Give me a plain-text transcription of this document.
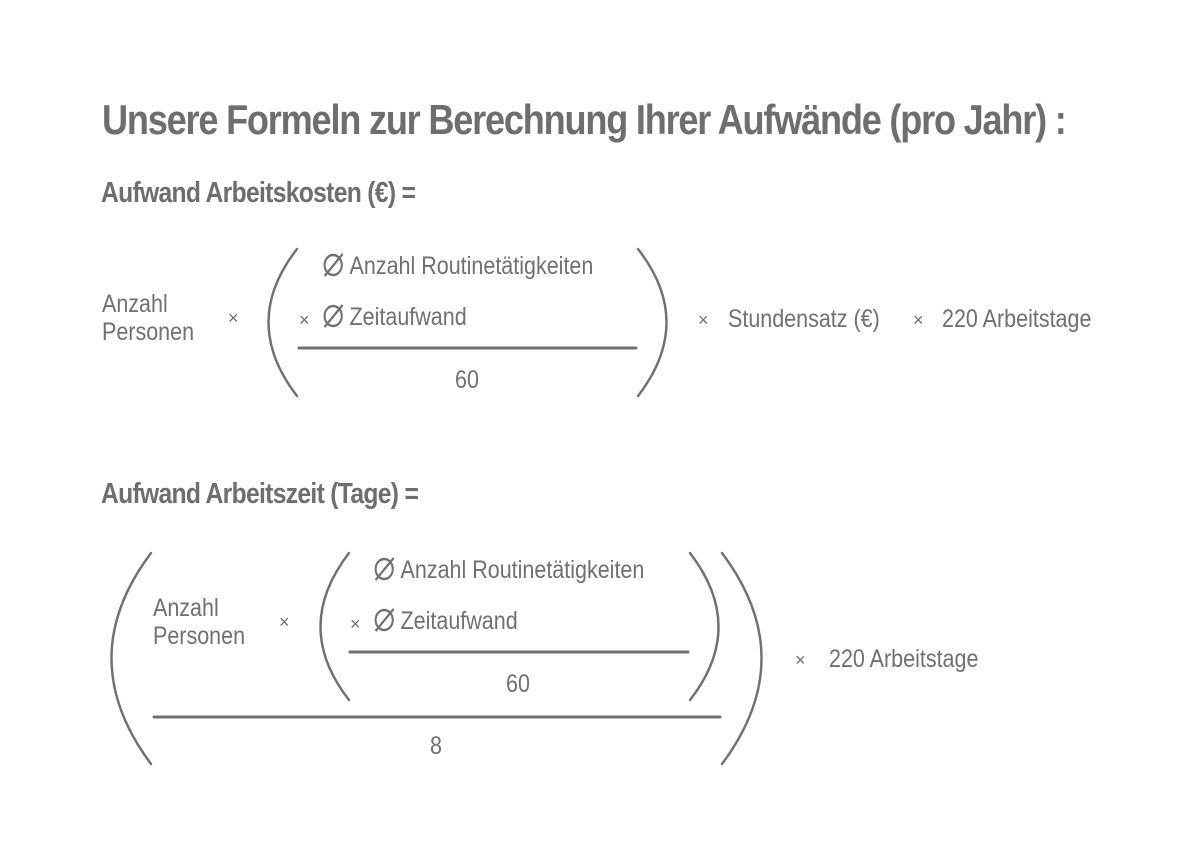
Unsere Formeln zur Berechnung Ihrer Aufwände (pro Jahr) :
Aufwand Arbeitskosten (€) =
Anzahl
Personen ×
Anzahl Routinetätigkeiten
×	Zeitaufwand
60
× Stundensatz (€) × 220 Arbeitstage
Aufwand Arbeitszeit (Tage) =
Anzahl
Personen ×
Anzahl Routinetätigkeiten
×	Zeitaufwand
60
8
× 220 Arbeitstage
